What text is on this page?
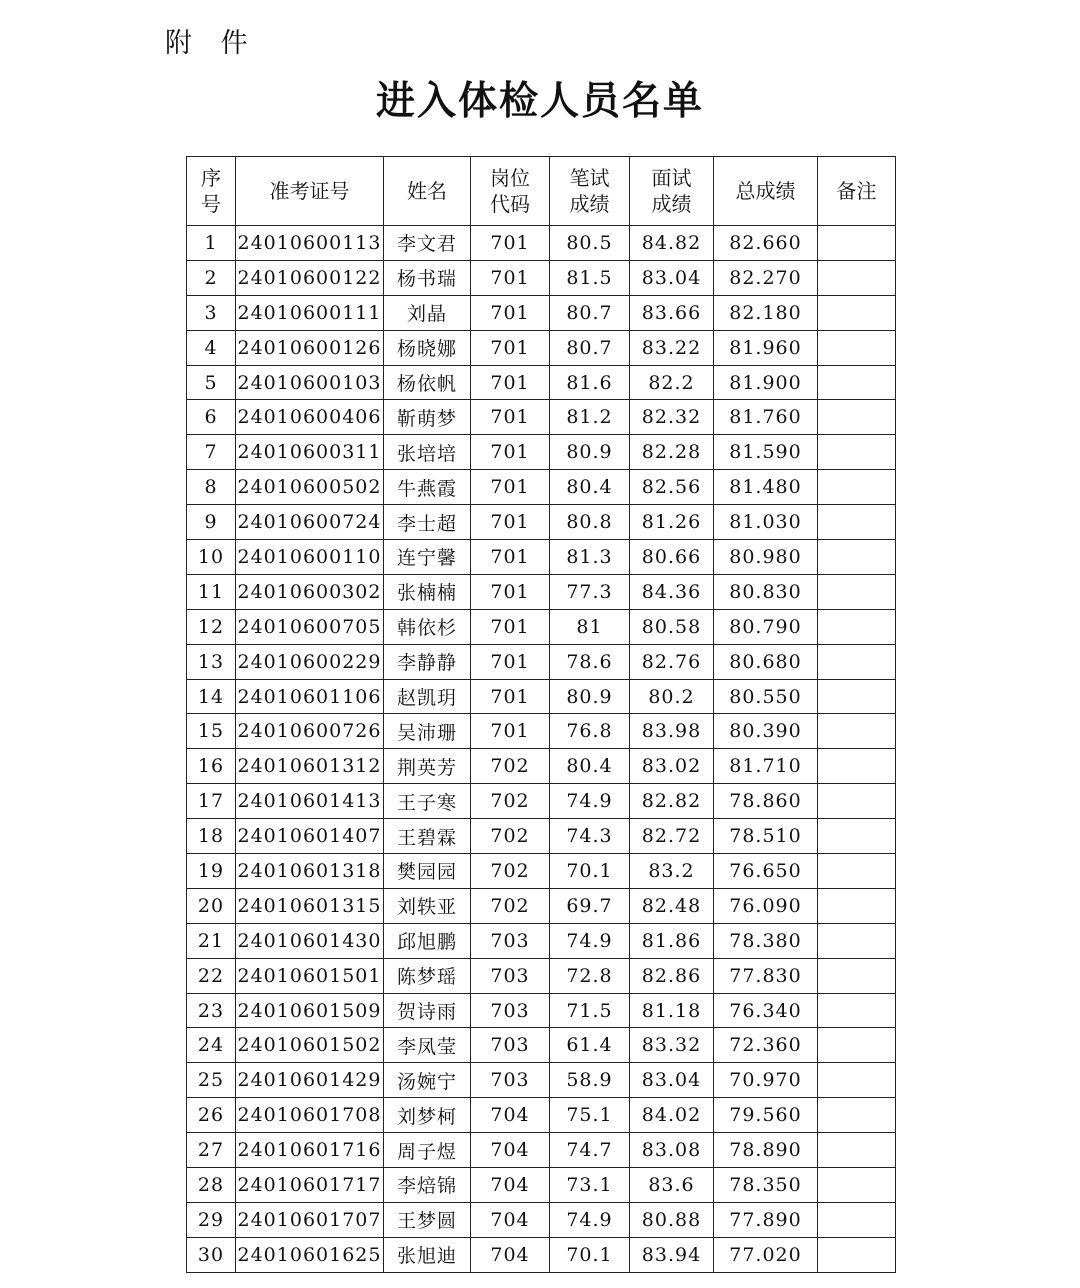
附 件
进入体检人员名单
序号	准考证号	姓名	岗位代码	笔试成绩	面试成绩	总成绩	备注
1	24010600113	李文君	701	80.5	84.82	82.660	
2	24010600122	杨书瑞	701	81.5	83.04	82.270	
3	24010600111	刘晶	701	80.7	83.66	82.180	
4	24010600126	杨晓娜	701	80.7	83.22	81.960	
5	24010600103	杨依帆	701	81.6	82.2	81.900	
6	24010600406	靳萌梦	701	81.2	82.32	81.760	
7	24010600311	张培培	701	80.9	82.28	81.590	
8	24010600502	牛燕霞	701	80.4	82.56	81.480	
9	24010600724	李士超	701	80.8	81.26	81.030	
10	24010600110	连宁馨	701	81.3	80.66	80.980	
11	24010600302	张楠楠	701	77.3	84.36	80.830	
12	24010600705	韩依杉	701	81	80.58	80.790	
13	24010600229	李静静	701	78.6	82.76	80.680	
14	24010601106	赵凯玥	701	80.9	80.2	80.550	
15	24010600726	吴沛珊	701	76.8	83.98	80.390	
16	24010601312	荆英芳	702	80.4	83.02	81.710	
17	24010601413	王子寒	702	74.9	82.82	78.860	
18	24010601407	王碧霖	702	74.3	82.72	78.510	
19	24010601318	樊园园	702	70.1	83.2	76.650	
20	24010601315	刘轶亚	702	69.7	82.48	76.090	
21	24010601430	邱旭鹏	703	74.9	81.86	78.380	
22	24010601501	陈梦瑶	703	72.8	82.86	77.830	
23	24010601509	贺诗雨	703	71.5	81.18	76.340	
24	24010601502	李凤莹	703	61.4	83.32	72.360	
25	24010601429	汤婉宁	703	58.9	83.04	70.970	
26	24010601708	刘梦柯	704	75.1	84.02	79.560	
27	24010601716	周子煜	704	74.7	83.08	78.890	
28	24010601717	李焙锦	704	73.1	83.6	78.350	
29	24010601707	王梦圆	704	74.9	80.88	77.890	
30	24010601625	张旭迪	704	70.1	83.94	77.020	
